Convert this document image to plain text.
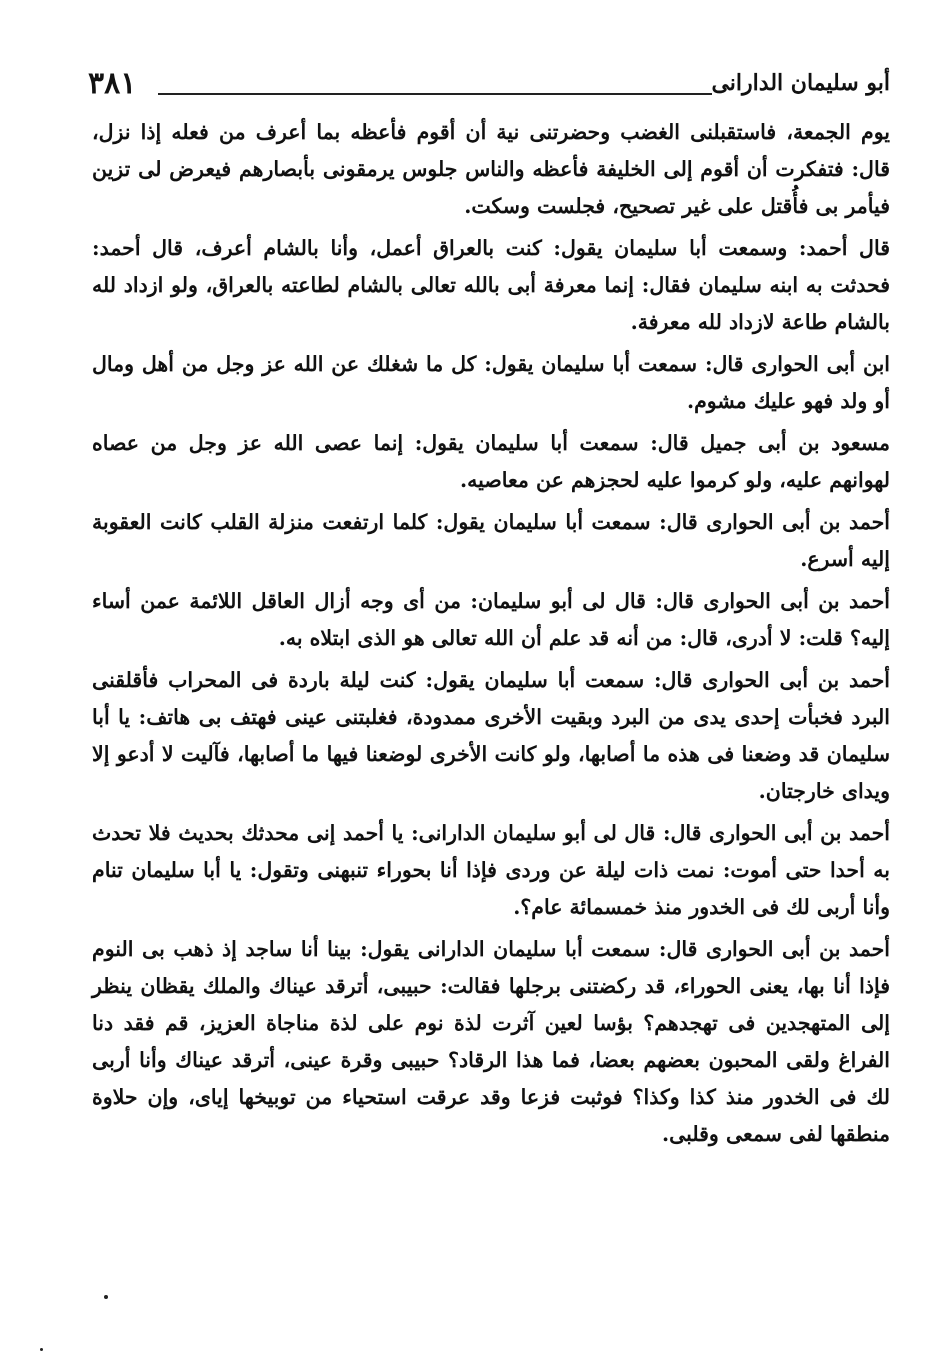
٣٨١	أبو سليمان الدارانى

يوم الجمعة، فاستقبلنى الغضب وحضرتنى نية أن أقوم فأعظه بما أعرف من فعله إذا نزل، قال: فتفكرت أن أقوم إلى الخليفة فأعظه والناس جلوس يرمقونى بأبصارهم فيعرض لى تزين فيأمر بى فأُقتل على غير تصحيح، فجلست وسكت.

قال أحمد: وسمعت أبا سليمان يقول: كنت بالعراق أعمل، وأنا بالشام أعرف، قال أحمد: فحدثت به ابنه سليمان فقال: إنما معرفة أبى بالله تعالى بالشام لطاعته بالعراق، ولو ازداد لله بالشام طاعة لازداد لله معرفة.

ابن أبى الحوارى قال: سمعت أبا سليمان يقول: كل ما شغلك عن الله عز وجل من أهل ومال أو ولد فهو عليك مشوم.

مسعود بن أبى جميل قال: سمعت أبا سليمان يقول: إنما عصى الله عز وجل من عصاه لهوانهم عليه، ولو كرموا عليه لحجزهم عن معاصيه.

أحمد بن أبى الحوارى قال: سمعت أبا سليمان يقول: كلما ارتفعت منزلة القلب كانت العقوبة إليه أسرع.

أحمد بن أبى الحوارى قال: قال لى أبو سليمان: من أى وجه أزال العاقل اللائمة عمن أساء إليه؟ قلت: لا أدرى، قال: من أنه قد علم أن الله تعالى هو الذى ابتلاه به.

أحمد بن أبى الحوارى قال: سمعت أبا سليمان يقول: كنت ليلة باردة فى المحراب فأقلقنى البرد فخبأت إحدى يدى من البرد وبقيت الأخرى ممدودة، فغلبتنى عينى فهتف بى هاتف: يا أبا سليمان قد وضعنا فى هذه ما أصابها، ولو كانت الأخرى لوضعنا فيها ما أصابها، فآليت لا أدعو إلا ويداى خارجتان.

أحمد بن أبى الحوارى قال: قال لى أبو سليمان الدارانى: يا أحمد إنى محدثك بحديث فلا تحدث به أحدا حتى أموت: نمت ذات ليلة عن وردى فإذا أنا بحوراء تنبهنى وتقول: يا أبا سليمان تنام وأنا أربى لك فى الخدور منذ خمسمائة عام؟.

أحمد بن أبى الحوارى قال: سمعت أبا سليمان الدارانى يقول: بينا أنا ساجد إذ ذهب بى النوم فإذا أنا بها، يعنى الحوراء، قد ركضتنى برجلها فقالت: حبيبى، أترقد عيناك والملك يقظان ينظر إلى المتهجدين فى تهجدهم؟ بؤسا لعين آثرت لذة نوم على لذة مناجاة العزيز، قم فقد دنا الفراغ ولقى المحبون بعضهم بعضا، فما هذا الرقاد؟ حبيبى وقرة عينى، أترقد عيناك وأنا أربى لك فى الخدور منذ كذا وكذا؟ فوثبت فزعا وقد عرقت استحياء من توبيخها إياى، وإن حلاوة منطقها لفى سمعى وقلبى.
